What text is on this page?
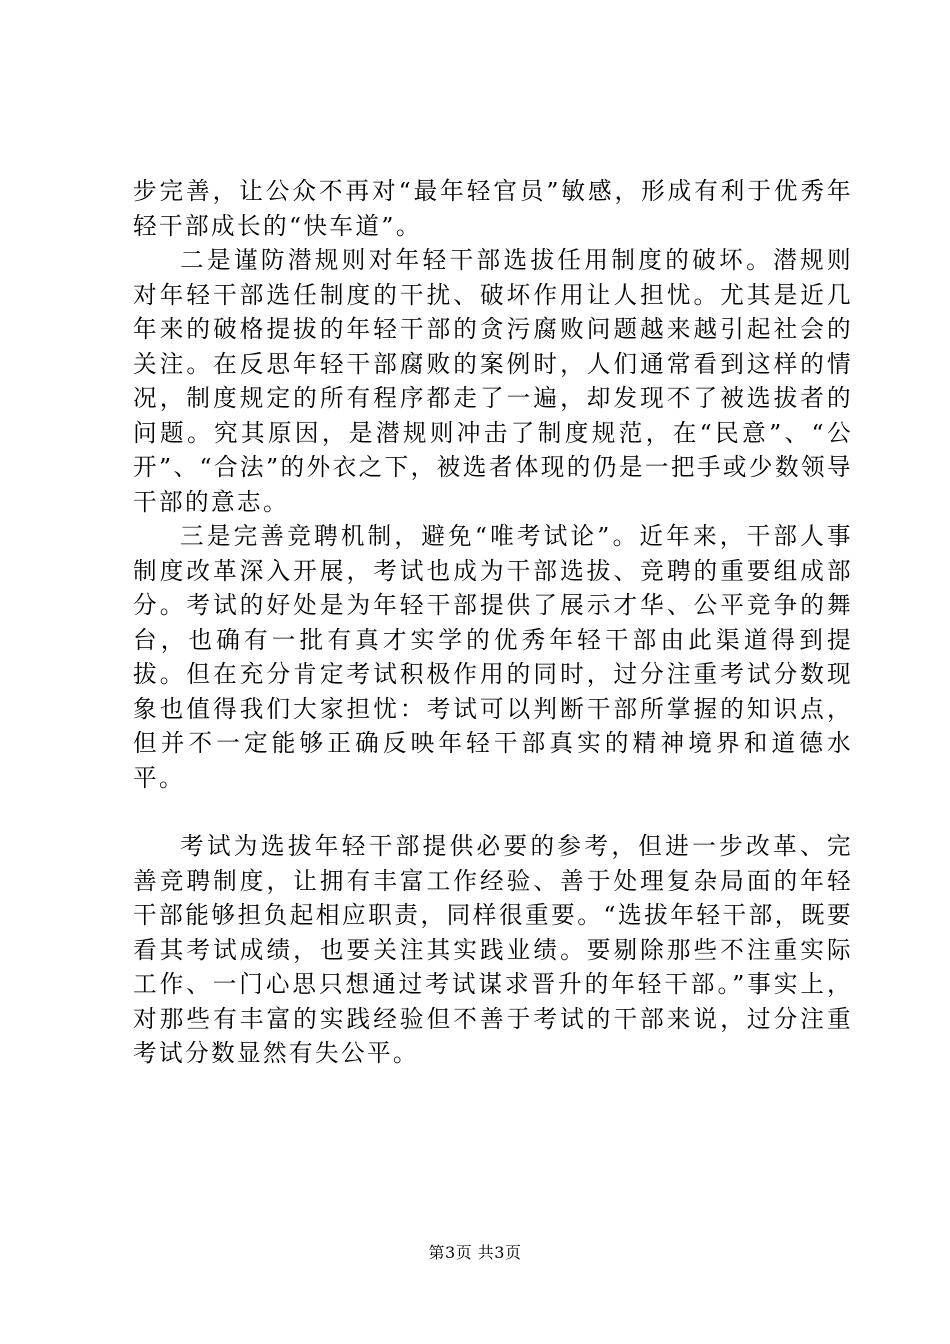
步完善，让公众不再对“最年轻官员”敏感，形成有利于优秀年轻干部成长的“快车道”。

二是谨防潜规则对年轻干部选拔任用制度的破坏。潜规则对年轻干部选任制度的干扰、破坏作用让人担忧。尤其是近几年来的破格提拔的年轻干部的贪污腐败问题越来越引起社会的关注。在反思年轻干部腐败的案例时，人们通常看到这样的情况，制度规定的所有程序都走了一遍，却发现不了被选拔者的问题。究其原因，是潜规则冲击了制度规范，在“民意”、“公开”、“合法”的外衣之下，被选者体现的仍是一把手或少数领导干部的意志。

三是完善竞聘机制，避免“唯考试论”。近年来，干部人事制度改革深入开展，考试也成为干部选拔、竞聘的重要组成部分。考试的好处是为年轻干部提供了展示才华、公平竞争的舞台，也确有一批有真才实学的优秀年轻干部由此渠道得到提拔。但在充分肯定考试积极作用的同时，过分注重考试分数现象也值得我们大家担忧：考试可以判断干部所掌握的知识点，但并不一定能够正确反映年轻干部真实的精神境界和道德水平。

考试为选拔年轻干部提供必要的参考，但进一步改革、完善竞聘制度，让拥有丰富工作经验、善于处理复杂局面的年轻干部能够担负起相应职责，同样很重要。“选拔年轻干部，既要看其考试成绩，也要关注其实践业绩。要剔除那些不注重实际工作、一门心思只想通过考试谋求晋升的年轻干部。”事实上，对那些有丰富的实践经验但不善于考试的干部来说，过分注重考试分数显然有失公平。

第3页 共3页
